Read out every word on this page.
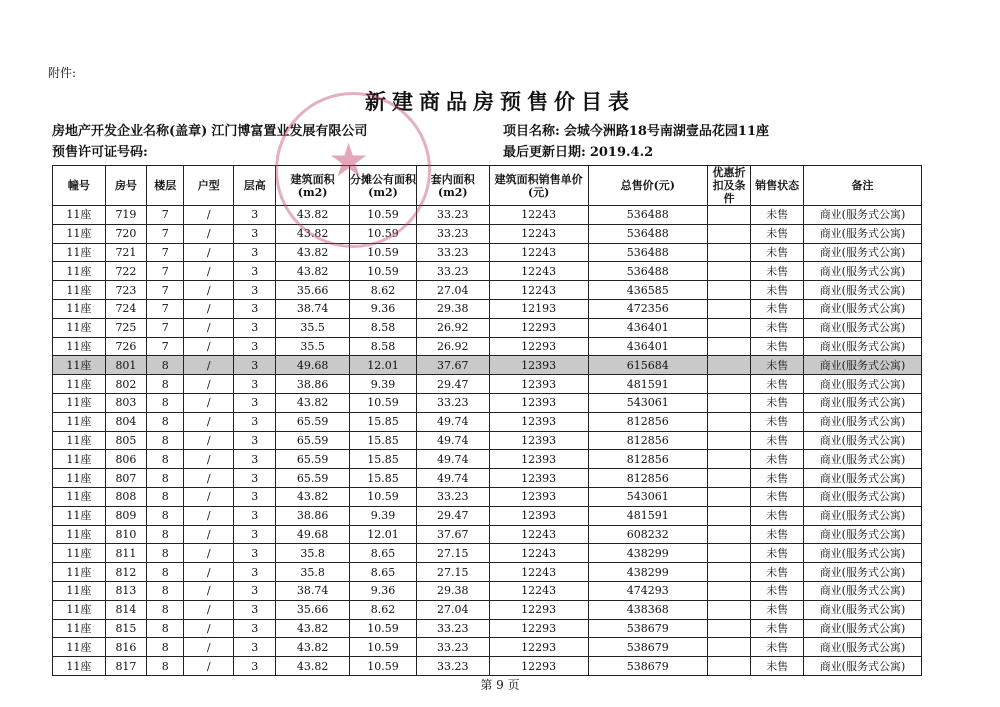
附件:
新建商品房预售价目表
房地产开发企业名称(盖章) 江门博富置业发展有限公司
预售许可证号码:
项目名称: 会城今洲路18号南湖壹品花园11座
最后更新日期: 2019.4.2
幢号	房号	楼层	户型	层高	建筑面积(m2)	分摊公有面积(m2)	套内面积(m2)	建筑面积销售单价(元)	总售价(元)	优惠折扣及条件	销售状态	备注
11座	719	7	/	3	43.82	10.59	33.23	12243	536488		未售	商业(服务式公寓)
11座	720	7	/	3	43.82	10.59	33.23	12243	536488		未售	商业(服务式公寓)
11座	721	7	/	3	43.82	10.59	33.23	12243	536488		未售	商业(服务式公寓)
11座	722	7	/	3	43.82	10.59	33.23	12243	536488		未售	商业(服务式公寓)
11座	723	7	/	3	35.66	8.62	27.04	12243	436585		未售	商业(服务式公寓)
11座	724	7	/	3	38.74	9.36	29.38	12193	472356		未售	商业(服务式公寓)
11座	725	7	/	3	35.5	8.58	26.92	12293	436401		未售	商业(服务式公寓)
11座	726	7	/	3	35.5	8.58	26.92	12293	436401		未售	商业(服务式公寓)
11座	801	8	/	3	49.68	12.01	37.67	12393	615684		未售	商业(服务式公寓)
11座	802	8	/	3	38.86	9.39	29.47	12393	481591		未售	商业(服务式公寓)
11座	803	8	/	3	43.82	10.59	33.23	12393	543061		未售	商业(服务式公寓)
11座	804	8	/	3	65.59	15.85	49.74	12393	812856		未售	商业(服务式公寓)
11座	805	8	/	3	65.59	15.85	49.74	12393	812856		未售	商业(服务式公寓)
11座	806	8	/	3	65.59	15.85	49.74	12393	812856		未售	商业(服务式公寓)
11座	807	8	/	3	65.59	15.85	49.74	12393	812856		未售	商业(服务式公寓)
11座	808	8	/	3	43.82	10.59	33.23	12393	543061		未售	商业(服务式公寓)
11座	809	8	/	3	38.86	9.39	29.47	12393	481591		未售	商业(服务式公寓)
11座	810	8	/	3	49.68	12.01	37.67	12243	608232		未售	商业(服务式公寓)
11座	811	8	/	3	35.8	8.65	27.15	12243	438299		未售	商业(服务式公寓)
11座	812	8	/	3	35.8	8.65	27.15	12243	438299		未售	商业(服务式公寓)
11座	813	8	/	3	38.74	9.36	29.38	12243	474293		未售	商业(服务式公寓)
11座	814	8	/	3	35.66	8.62	27.04	12293	438368		未售	商业(服务式公寓)
11座	815	8	/	3	43.82	10.59	33.23	12293	538679		未售	商业(服务式公寓)
11座	816	8	/	3	43.82	10.59	33.23	12293	538679		未售	商业(服务式公寓)
11座	817	8	/	3	43.82	10.59	33.23	12293	538679		未售	商业(服务式公寓)
★
第 9 页
